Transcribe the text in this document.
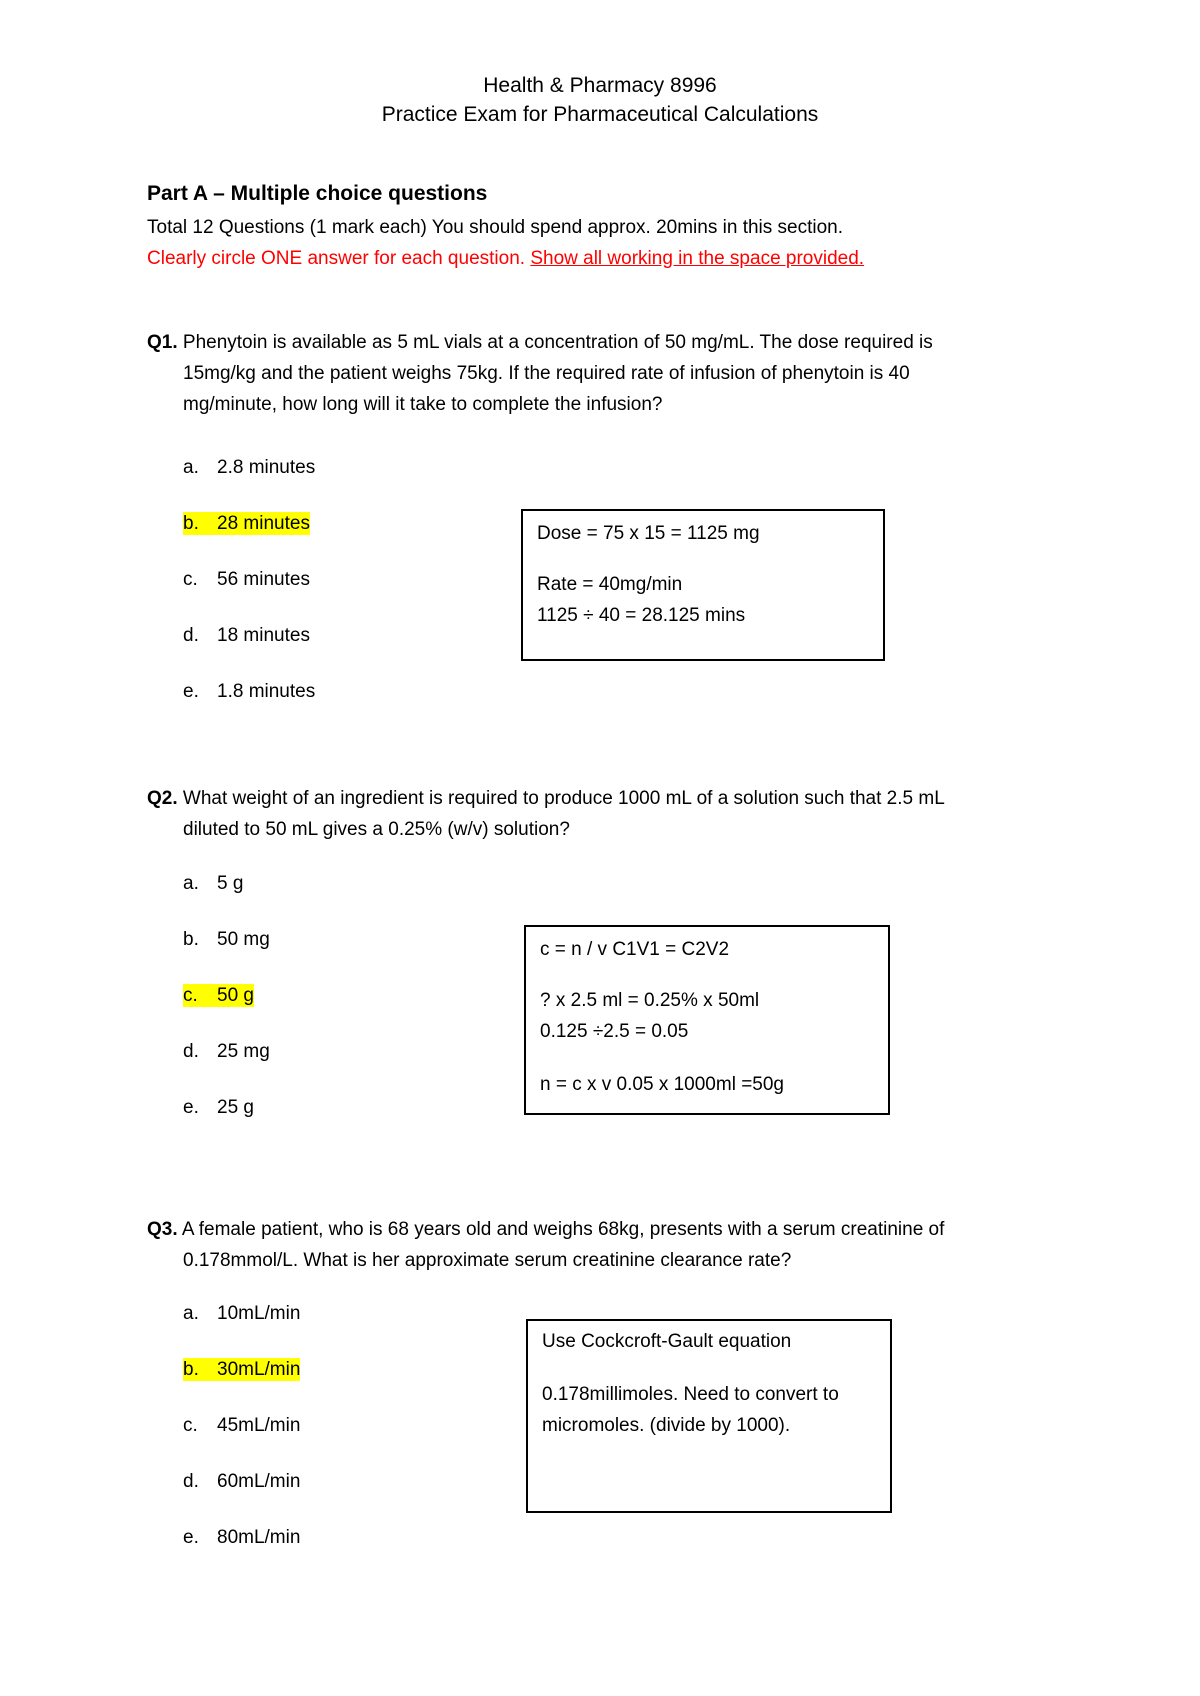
Health & Pharmacy 8996
Practice Exam for Pharmaceutical Calculations
Part A – Multiple choice questions
Total 12 Questions (1 mark each) You should spend approx. 20mins in this section.
Clearly circle ONE answer for each question. Show all working in the space provided.
Q1. Phenytoin is available as 5 mL vials at a concentration of 50 mg/mL. The dose required is
15mg/kg and the patient weighs 75kg. If the required rate of infusion of phenytoin is 40
mg/minute, how long will it take to complete the infusion?
a. 2.8 minutes
b. 28 minutes
c. 56 minutes
d. 18 minutes
e. 1.8 minutes
Dose = 75 x 15 = 1125 mg
Rate = 40mg/min
1125 ÷ 40 = 28.125 mins
Q2. What weight of an ingredient is required to produce 1000 mL of a solution such that 2.5 mL
diluted to 50 mL gives a 0.25% (w/v) solution?
a. 5 g
b. 50 mg
c. 50 g
d. 25 mg
e. 25 g
c = n / v C1V1 = C2V2
? x 2.5 ml = 0.25% x 50ml
0.125 ÷2.5 = 0.05
n = c x v 0.05 x 1000ml =50g
Q3. A female patient, who is 68 years old and weighs 68kg, presents with a serum creatinine of
0.178mmol/L. What is her approximate serum creatinine clearance rate?
a. 10mL/min
b. 30mL/min
c. 45mL/min
d. 60mL/min
e. 80mL/min
Use Cockcroft-Gault equation
0.178millimoles. Need to convert to
micromoles. (divide by 1000).
